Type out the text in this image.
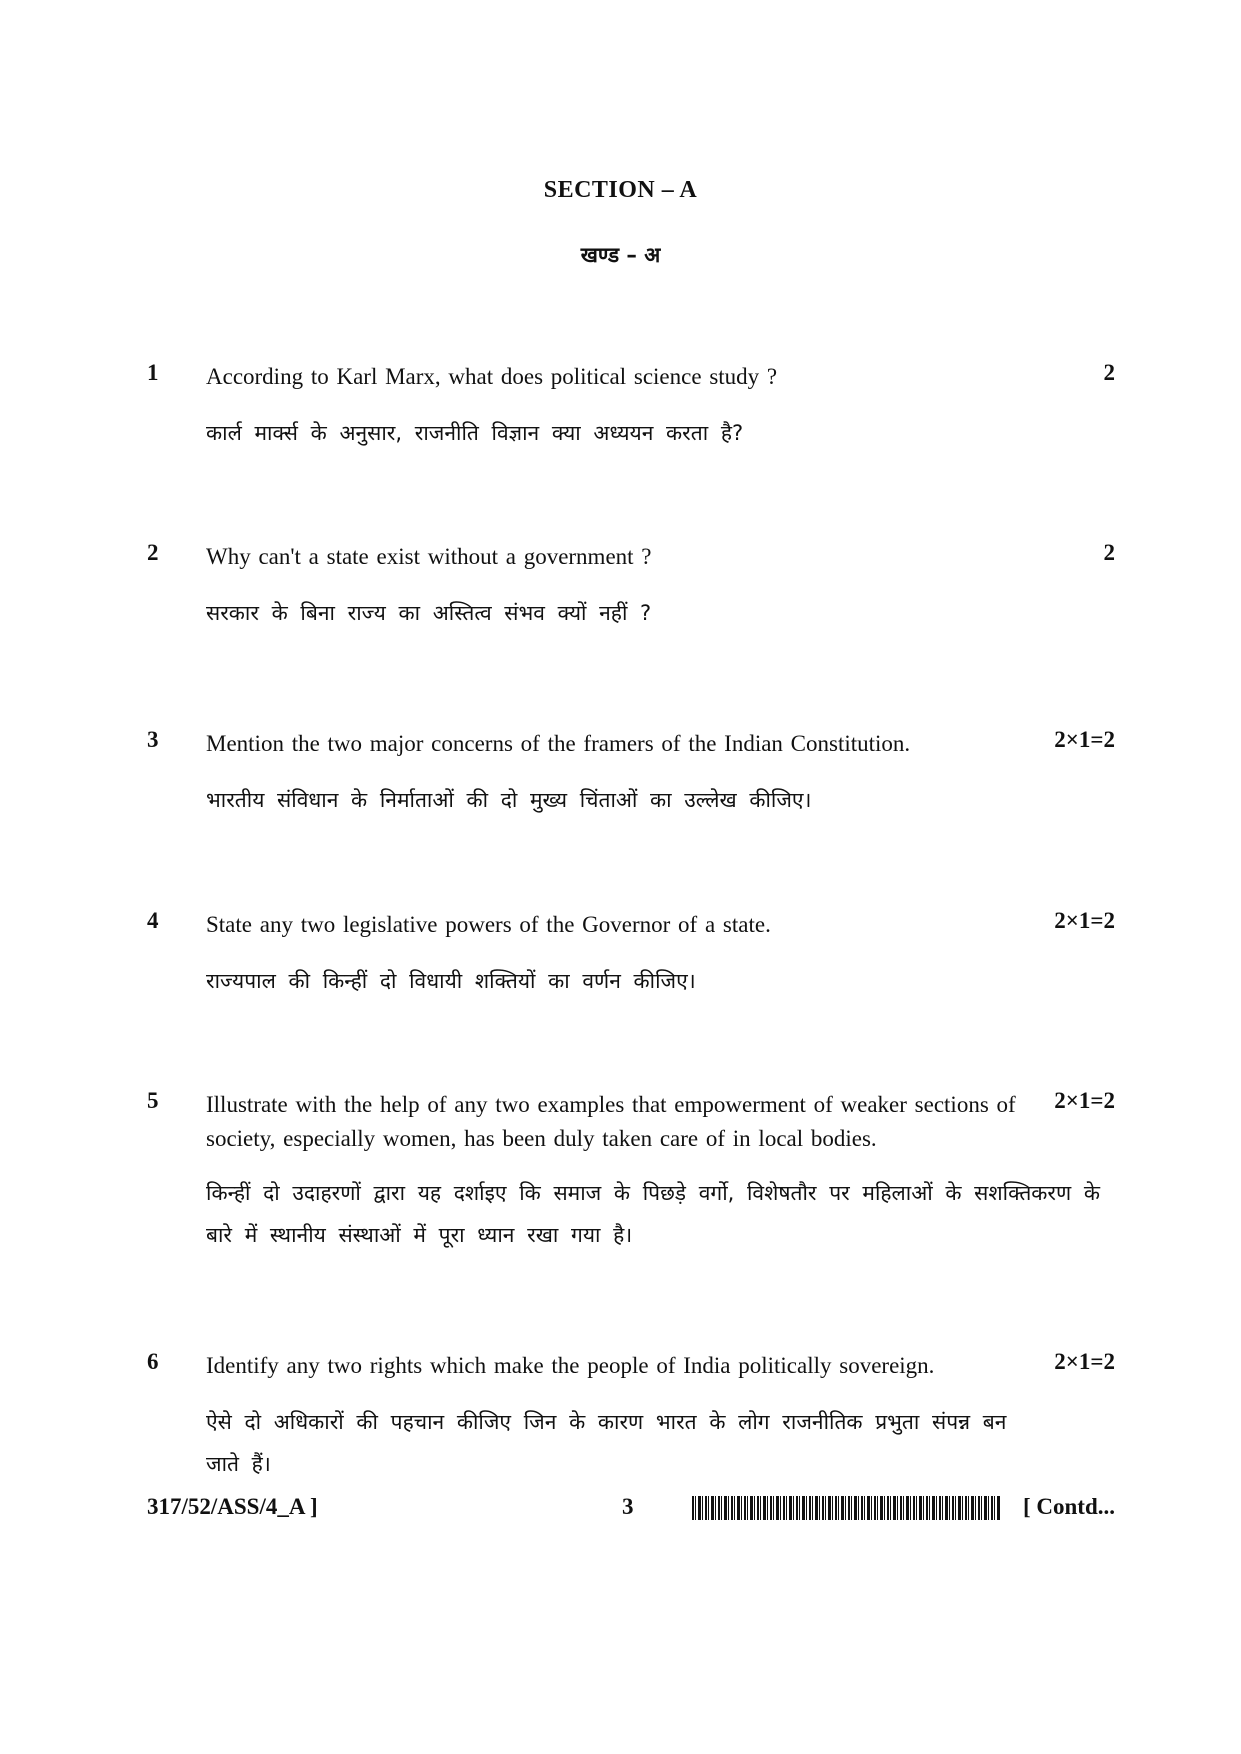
SECTION – A
खण्ड – अ
1 According to Karl Marx, what does political science study ?	2
कार्ल मार्क्स के अनुसार, राजनीति विज्ञान क्या अध्ययन करता है?
2 Why can't a state exist without a government ?	2
सरकार के बिना राज्य का अस्तित्व संभव क्यों नहीं ?
3 Mention the two major concerns of the framers of the Indian Constitution.	2×1=2
भारतीय संविधान के निर्माताओं की दो मुख्य चिंताओं का उल्लेख कीजिए।
4 State any two legislative powers of the Governor of a state.	2×1=2
राज्यपाल की किन्हीं दो विधायी शक्तियों का वर्णन कीजिए।
5 Illustrate with the help of any two examples that empowerment of weaker sections of society, especially women, has been duly taken care of in local bodies.
2×1=2
किन्हीं दो उदाहरणों द्वारा यह दर्शाइए कि समाज के पिछड़े वर्गो, विशेषतौर पर महिलाओं के सशक्तिकरण के बारे में स्थानीय संस्थाओं में पूरा ध्यान रखा गया है।
6 Identify any two rights which make the people of India politically sovereign.	2×1=2
ऐसे दो अधिकारों की पहचान कीजिए जिन के कारण भारत के लोग राजनीतिक प्रभुता संपन्न बन जाते हैं।
317/52/ASS/4_A ]	3	[ Contd...
